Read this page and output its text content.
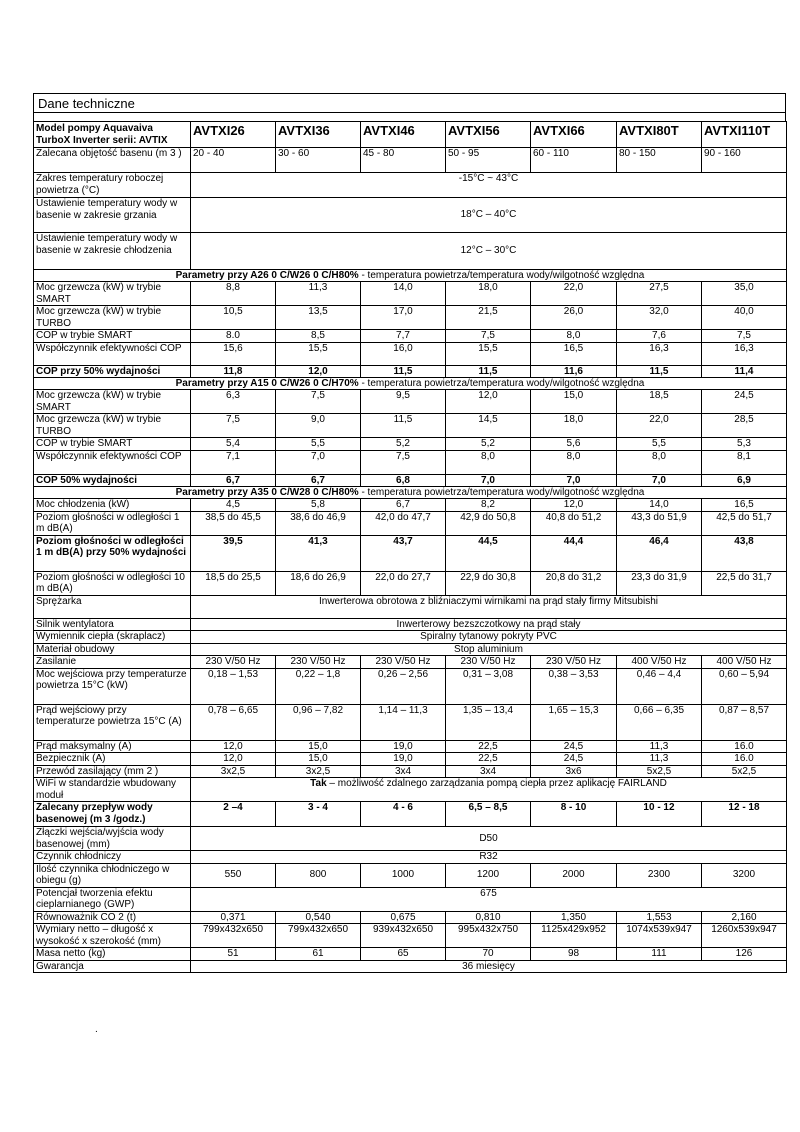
Dane techniczne
Model pompy Aquavaiva TurboX Inverter serii: AVTIX	AVTXI26	AVTXI36	AVTXI46	AVTXI56	AVTXI66	AVTXI80T	AVTXI110T
Zalecana objętość basenu (m 3 )	20 - 40	30 - 60	45 - 80	50 - 95	60 - 110	80 - 150	90 - 160
Zakres temperatury roboczej powietrza (°C)	-15°C ~ 43°C						
Ustawienie temperatury wody w basenie w zakresie grzania	18°C – 40°C						
Ustawienie temperatury wody w basenie w zakresie chłodzenia	12°C – 30°C						
Parametry przy A26 0 C/W26 0 C/H80% - temperatura powietrza/temperatura wody/wilgotność względna							
Moc grzewcza (kW) w trybie SMART	8,8	11,3	14,0	18,0	22,0	27,5	35,0
Moc grzewcza (kW) w trybie TURBO	10,5	13,5	17,0	21,5	26,0	32,0	40,0
COP w trybie SMART	8.0	8,5	7,7	7,5	8,0	7,6	7,5
Współczynnik efektywności COP	15,6	15,5	16,0	15,5	16,5	16,3	16,3
COP przy 50% wydajności	11,8	12,0	11,5	11,5	11,6	11,5	11,4
Parametry przy A15 0 C/W26 0 C/H70% - temperatura powietrza/temperatura wody/wilgotność względna							
Moc grzewcza (kW) w trybie SMART	6,3	7,5	9,5	12,0	15,0	18,5	24,5
Moc grzewcza (kW) w trybie TURBO	7,5	9,0	11,5	14,5	18,0	22,0	28,5
COP w trybie SMART	5,4	5,5	5,2	5,2	5,6	5,5	5,3
Współczynnik efektywności COP	7,1	7,0	7,5	8,0	8,0	8,0	8,1
COP 50% wydajności	6,7	6,7	6,8	7,0	7,0	7,0	6,9
Parametry przy A35 0 C/W28 0 C/H80% - temperatura powietrza/temperatura wody/wilgotność względna							
Moc chłodzenia (kW)	4,5	5,8	6,7	8,2	12,0	14,0	16,5
Poziom głośności w odległości 1 m dB(A)	38,5 do 45,5	38,6 do 46,9	42,0 do 47,7	42,9 do 50,8	40,8 do 51,2	43,3 do 51,9	42,5 do 51,7
Poziom głośności w odległości 1 m dB(A) przy 50% wydajności	39,5	41,3	43,7	44,5	44,4	46,4	43,8
Poziom głośności w odległości 10 m dB(A)	18,5 do 25,5	18,6 do 26,9	22,0 do 27,7	22,9 do 30,8	20,8 do 31,2	23,3 do 31,9	22,5 do 31,7
Sprężarka	Inwerterowa obrotowa z bliźniaczymi wirnikami na prąd stały firmy Mitsubishi						
Silnik wentylatora	Inwerterowy bezszczotkowy na prąd stały						
Wymiennik ciepła (skraplacz)	Spiralny tytanowy pokryty PVC						
Materiał obudowy	Stop aluminium						
Zasilanie	230 V/50 Hz	230 V/50 Hz	230 V/50 Hz	230 V/50 Hz	230 V/50 Hz	400 V/50 Hz	400 V/50 Hz
Moc wejściowa przy temperaturze powietrza 15°C (kW)	0,18 – 1,53	0,22 – 1,8	0,26 – 2,56	0,31 – 3,08	0,38 – 3,53	0,46 – 4,4	0,60 – 5,94
Prąd wejściowy przy temperaturze powietrza 15°C (A)	0,78 – 6,65	0,96 – 7,82	1,14 – 11,3	1,35 – 13,4	1,65 – 15,3	0,66 – 6,35	0,87 – 8,57
Prąd maksymalny (A)	12,0	15,0	19,0	22,5	24,5	11,3	16.0
Bezpiecznik (A)	12,0	15,0	19,0	22,5	24,5	11,3	16.0
Przewód zasilający (mm 2 )	3x2,5	3x2,5	3x4	3x4	3x6	5x2,5	5x2,5
WiFi w standardzie wbudowany moduł	Tak – możliwość zdalnego zarządzania pompą ciepła przez aplikację FAIRLAND						
Zalecany przepływ wody basenowej (m 3 /godz.)	2 –4	3 - 4	4 - 6	6,5 – 8,5	8 - 10	10 - 12	12 - 18
Złączki wejścia/wyjścia wody basenowej (mm)	D50						
Czynnik chłodniczy	R32						
Ilość czynnika chłodniczego w obiegu (g)	550	800	1000	1200	2000	2300	3200
Potencjał tworzenia efektu cieplarnianego (GWP)	675						
Równoważnik CO 2 (t)	0,371	0,540	0,675	0,810	1,350	1,553	2,160
Wymiary netto – długość x wysokość x szerokość (mm)	799x432x650	799x432x650	939x432x650	995x432x750	1125x429x952	1074x539x947	1260x539x947
Masa netto (kg)	51	61	65	70	98	111	126
Gwarancja	36 miesięcy						
.
